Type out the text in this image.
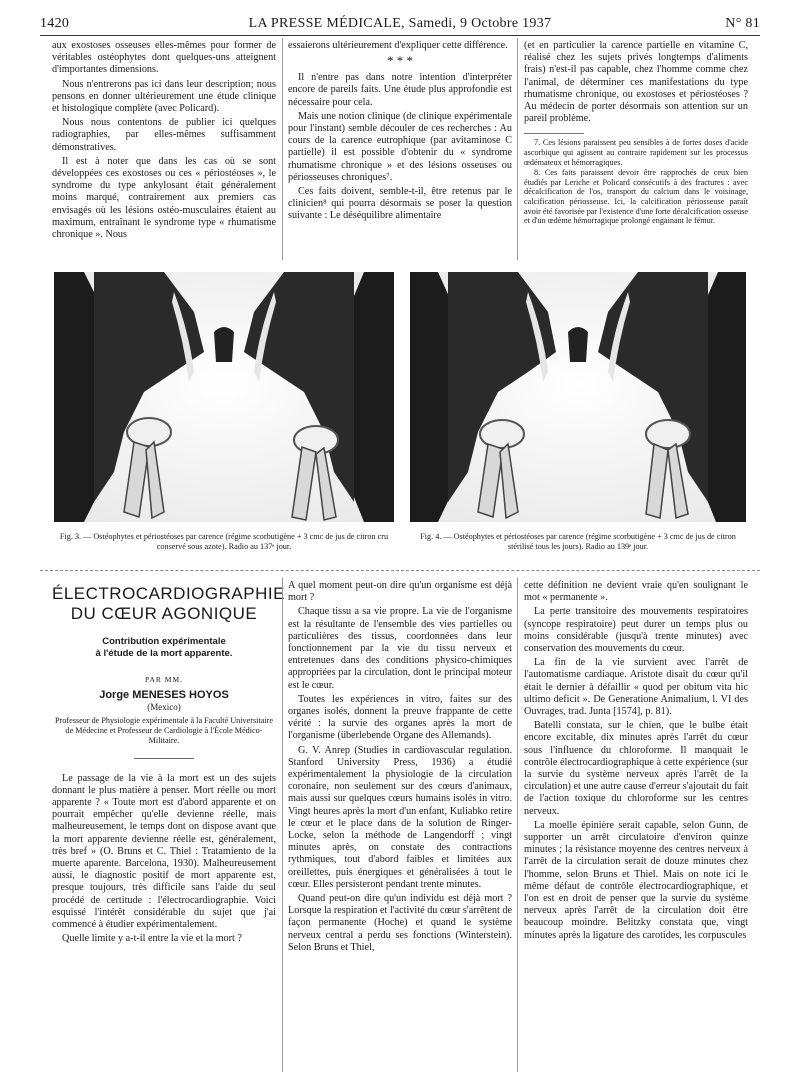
1420	LA PRESSE MÉDICALE, Samedi, 9 Octobre 1937	N° 81

aux exostoses osseuses elles-mêmes pour former de véritables ostéophytes dont quelques-uns atteignent d'importantes dimensions.

Nous n'entrerons pas ici dans leur description; nous pensons en donner ultérieurement une étude clinique et histologique complète (avec Policard).

Nous nous contentons de publier ici quelques radiographies, par elles-mêmes suffisamment démonstratives.

Il est à noter que dans les cas où se sont développées ces exostoses ou ces « périostéoses », le syndrome du type ankylosant était généralement moins marqué, contrairement aux premiers cas envisagés où les lésions ostéo-musculaires étaient au maximum, entraînant le syndrome type « rhumatisme chronique ». Nous

essaierons ultérieurement d'expliquer cette différence.

* * *

Il n'entre pas dans notre intention d'interpréter encore de pareils faits. Une étude plus approfondie est nécessaire pour cela.

Mais une notion clinique (de clinique expérimentale pour l'instant) semble découler de ces recherches : Au cours de la carence eutrophique (par avitaminose C partielle) il est possible d'obtenir du « syndrome rhumatisme chronique » et des lésions osseuses ou périosseuses chroniques⁷.

Ces faits doivent, semble-t-il, être retenus par le clinicien⁸ qui pourra désormais se poser la question suivante : Le déséquilibre alimentaire

(et en particulier la carence partielle en vitamine C, réalisé chez les sujets privés longtemps d'aliments frais) n'est-il pas capable, chez l'homme comme chez l'animal, de déterminer ces manifestations du type rhumatisme chronique, ou exostoses et périostéoses ? Au médecin de porter désormais son attention sur un pareil problème.

7. Ces lésions paraissent peu sensibles à de fortes doses d'acide ascorbique qui agissent au contraire rapidement sur les processus œdémateux et hémorragiques.

8. Ces faits paraissent devoir être rapprochés de ceux bien étudiés par Leriche et Policard consécutifs à des fractures : avec décalcification de l'os, transport du calcium dans le voisinage, calcification périosseuse. Ici, la calcification périosseuse paraît avoir été favorisée par l'existence d'une forte décalcification osseuse et d'un œdème hémorragique prolongé engainant le fémur.

Fig. 3. — Ostéophytes et périostéoses par carence (régime scorbutigène + 3 cmc de jus de citron cru conservé sous azote). Radio au 137ᵉ jour.
Fig. 4. — Ostéophytes et périostéoses par carence (régime scorbutigène + 3 cmc de jus de citron stérilisé tous les jours). Radio au 139ᵉ jour.
ÉLECTROCARDIOGRAPHIE
DU CŒUR AGONIQUE
Contribution expérimentale
à l'étude de la mort apparente.
PAR MM.
Jorge MENESES HOYOS
(Mexico)
Professeur de Physiologie expérimentale à la Faculté Universitaire de Médecine et Professeur de Cardiologie à l'École Médico-Militaire.

Le passage de la vie à la mort est un des sujets donnant le plus matière à penser. Mort réelle ou mort apparente ? « Toute mort est d'abord apparente et on pourrait empêcher qu'elle devienne réelle, mais malheureusement, le temps dont on dispose avant que la mort apparente devienne réelle est, généralement, très bref » (O. Bruns et C. Thiel : Tratamiento de la muerte aparente. Barcelona, 1930). Malheureusement aussi, le diagnostic positif de mort apparente est, presque toujours, très difficile sans l'aide du seul procédé de certitude : l'électrocardiographie. Voici esquissé l'intérêt considérable du sujet que j'ai commencé à étudier expérimentalement.

Quelle limite y a-t-il entre la vie et la mort ?

A quel moment peut-on dire qu'un organisme est déjà mort ?

Chaque tissu a sa vie propre. La vie de l'organisme est la résultante de l'ensemble des vies partielles ou particulières des tissus, coordonnées dans leur fonctionnement par la vie du tissu nerveux et entretenues dans des conditions physico-chimiques appropriées par la circulation, dont le principal moteur est le cœur.

Toutes les expériences in vitro, faites sur des organes isolés, donnent la preuve frappante de cette vérité : la survie des organes après la mort de l'organisme (überlebende Organe des Allemands).

G. V. Anrep (Studies in cardiovascular regulation. Stanford University Press, 1936) a étudié expérimentalement la physiologie de la circulation coronaire, non seulement sur des cœurs d'animaux, mais aussi sur quelques cœurs humains isolés in vitro. Vingt heures après la mort d'un enfant, Kuliabko retire le cœur et le place dans de la solution de Ringer-Locke, selon la méthode de Langendorff ; vingt minutes après, on constate des contractions rythmiques, tout d'abord faibles et limitées aux oreillettes, puis énergiques et généralisées à tout le cœur. Elles persisteront pendant trente minutes.

Quand peut-on dire qu'un individu est déjà mort ? Lorsque la respiration et l'activité du cœur s'arrêtent de façon permanente (Hoche) et quand le système nerveux central a perdu ses fonctions (Winterstein). Selon Bruns et Thiel,

cette définition ne devient vraie qu'en soulignant le mot « permanente ».

La perte transitoire des mouvements respiratoires (syncope respiratoire) peut durer un temps plus ou moins considérable (jusqu'à trente minutes) avec conservation des mouvements du cœur.

La fin de la vie survient avec l'arrêt de l'automatisme cardiaque. Aristote disait du cœur qu'il était le dernier à défaillir « quod per obitum vita hic ultimo deficit ». De Generatione Animalium, l. VI des Ouvrages, trad. Junta [1574], p. 81).

Batelli constata, sur le chien, que le bulbe était encore excitable, dix minutes après l'arrêt du cœur sous l'influence du chloroforme. Il manquait le contrôle électrocardiographique à cette expérience (sur la survie du système nerveux après l'arrêt de la circulation) et une autre cause d'erreur s'ajoutait du fait de l'action toxique du chloroforme sur les centres nerveux.

La moelle épinière serait capable, selon Gunn, de supporter un arrêt circulatoire d'environ quinze minutes ; la résistance moyenne des centres nerveux à l'arrêt de la circulation serait de douze minutes chez l'homme, selon Bruns et Thiel. Mais on note ici le même défaut de contrôle électrocardiographique, et l'on est en droit de penser que la survie du système nerveux après l'arrêt de la circulation doit être beaucoup moindre. Belitzky constata que, vingt minutes après la ligature des carotides, les corpuscules
